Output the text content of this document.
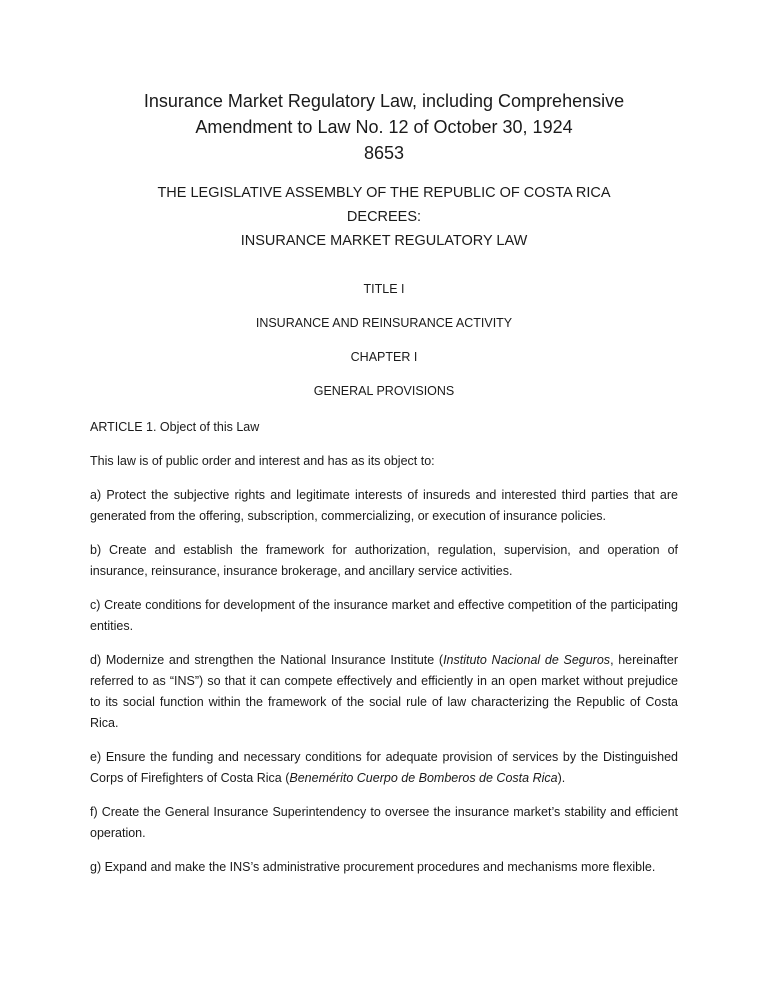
Insurance Market Regulatory Law, including Comprehensive
Amendment to Law No. 12 of October 30, 1924
8653
THE LEGISLATIVE ASSEMBLY OF THE REPUBLIC OF COSTA RICA
DECREES:
INSURANCE MARKET REGULATORY LAW
TITLE I
INSURANCE AND REINSURANCE ACTIVITY
CHAPTER I
GENERAL PROVISIONS

ARTICLE 1. Object of this Law

This law is of public order and interest and has as its object to:

a) Protect the subjective rights and legitimate interests of insureds and interested third parties that are generated from the offering, subscription, commercializing, or execution of insurance policies.

b) Create and establish the framework for authorization, regulation, supervision, and operation of insurance, reinsurance, insurance brokerage, and ancillary service activities.

c) Create conditions for development of the insurance market and effective competition of the participating entities.

d) Modernize and strengthen the National Insurance Institute (Instituto Nacional de Seguros, hereinafter referred to as “INS”) so that it can compete effectively and efficiently in an open market without prejudice to its social function within the framework of the social rule of law characterizing the Republic of Costa Rica.

e) Ensure the funding and necessary conditions for adequate provision of services by the Distinguished Corps of Firefighters of Costa Rica (Benemérito Cuerpo de Bomberos de Costa Rica).

f) Create the General Insurance Superintendency to oversee the insurance market’s stability and efficient operation.

g) Expand and make the INS’s administrative procurement procedures and mechanisms more flexible.
